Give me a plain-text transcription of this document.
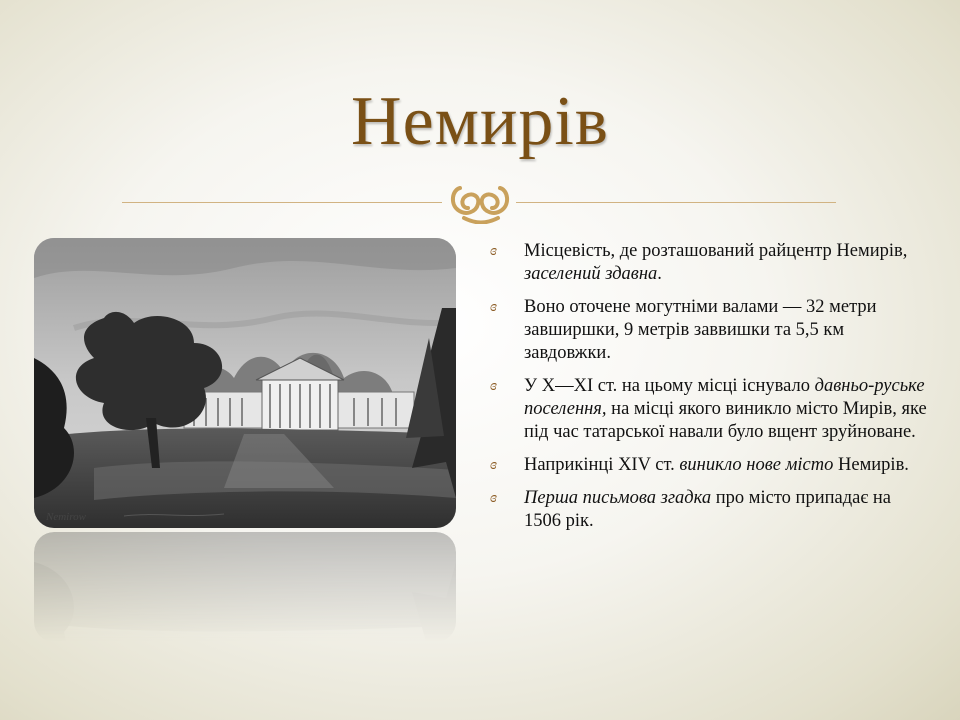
Немирів
Nemirow
ɞ	Місцевість, де розташований райцентр Немирів, заселений здавна.
ɞ	Воно оточене могутніми валами — 32 метри завширшки, 9 метрів заввишки та 5,5 км завдовжки.
ɞ	У X—XI ст. на цьому місці існувало давньо-руське поселення, на місці якого виникло місто Мирів, яке під час татарської навали було вщент зруйноване.
ɞ	Наприкінці XIV ст. виникло нове місто Немирів.
ɞ	Перша письмова згадка про місто припадає на 1506 рік.
